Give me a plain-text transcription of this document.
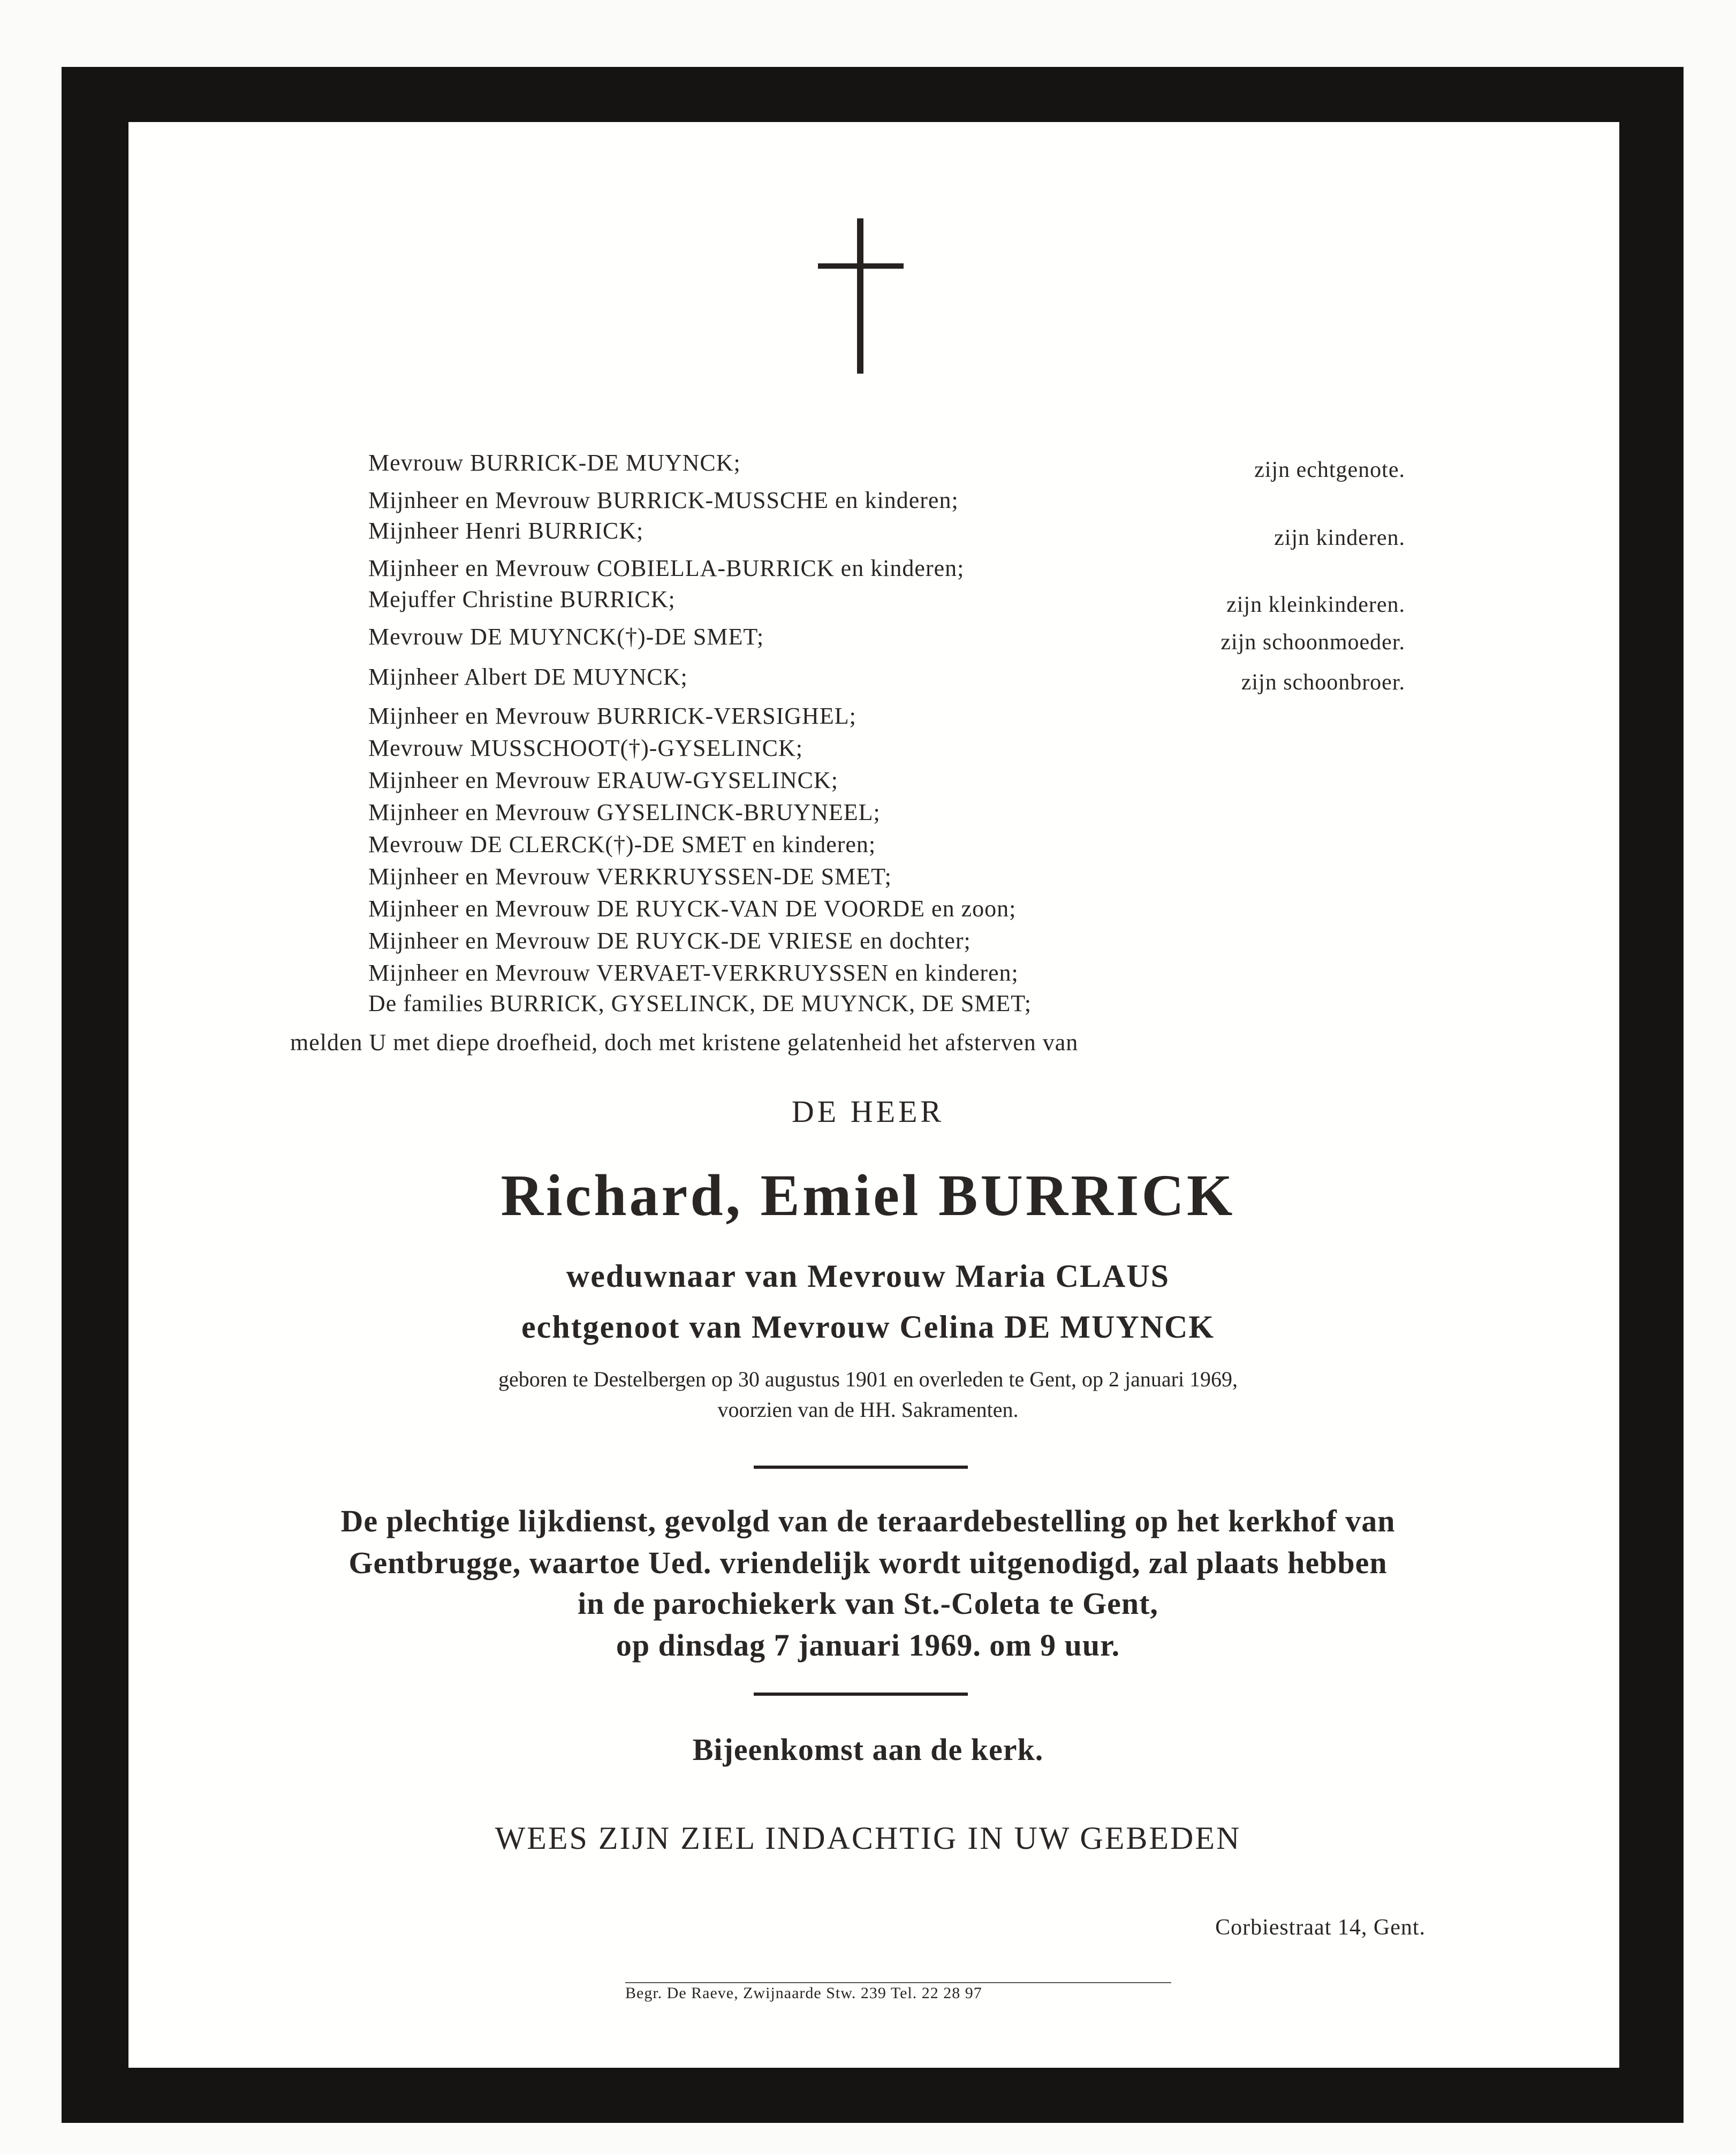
Mevrouw BURRICK-DE MUYNCK;
Mijnheer en Mevrouw BURRICK-MUSSCHE en kinderen;
Mijnheer Henri BURRICK;
Mijnheer en Mevrouw COBIELLA-BURRICK en kinderen;
Mejuffer Christine BURRICK;
Mevrouw DE MUYNCK(†)-DE SMET;
Mijnheer Albert DE MUYNCK;
Mijnheer en Mevrouw BURRICK-VERSIGHEL;
Mevrouw MUSSCHOOT(†)-GYSELINCK;
Mijnheer en Mevrouw ERAUW-GYSELINCK;
Mijnheer en Mevrouw GYSELINCK-BRUYNEEL;
Mevrouw DE CLERCK(†)-DE SMET en kinderen;
Mijnheer en Mevrouw VERKRUYSSEN-DE SMET;
Mijnheer en Mevrouw DE RUYCK-VAN DE VOORDE en zoon;
Mijnheer en Mevrouw DE RUYCK-DE VRIESE en dochter;
Mijnheer en Mevrouw VERVAET-VERKRUYSSEN en kinderen;
De families BURRICK, GYSELINCK, DE MUYNCK, DE SMET;
zijn echtgenote.
zijn kinderen.
zijn kleinkinderen.
zijn schoonmoeder.
zijn schoonbroer.
melden U met diepe droefheid, doch met kristene gelatenheid het afsterven van
DE HEER
Richard, Emiel BURRICK
weduwnaar van Mevrouw Maria CLAUS
echtgenoot van Mevrouw Celina DE MUYNCK
geboren te Destelbergen op 30 augustus 1901 en overleden te Gent, op 2 januari 1969,
voorzien van de HH. Sakramenten.
De plechtige lijkdienst, gevolgd van de teraardebestelling op het kerkhof van
Gentbrugge, waartoe Ued. vriendelijk wordt uitgenodigd, zal plaats hebben
in de parochiekerk van St.-Coleta te Gent,
op dinsdag 7 januari 1969. om 9 uur.
Bijeenkomst aan de kerk.
WEES ZIJN ZIEL INDACHTIG IN UW GEBEDEN
Corbiestraat 14, Gent.
Begr. De Raeve, Zwijnaarde Stw. 239 Tel. 22 28 97
